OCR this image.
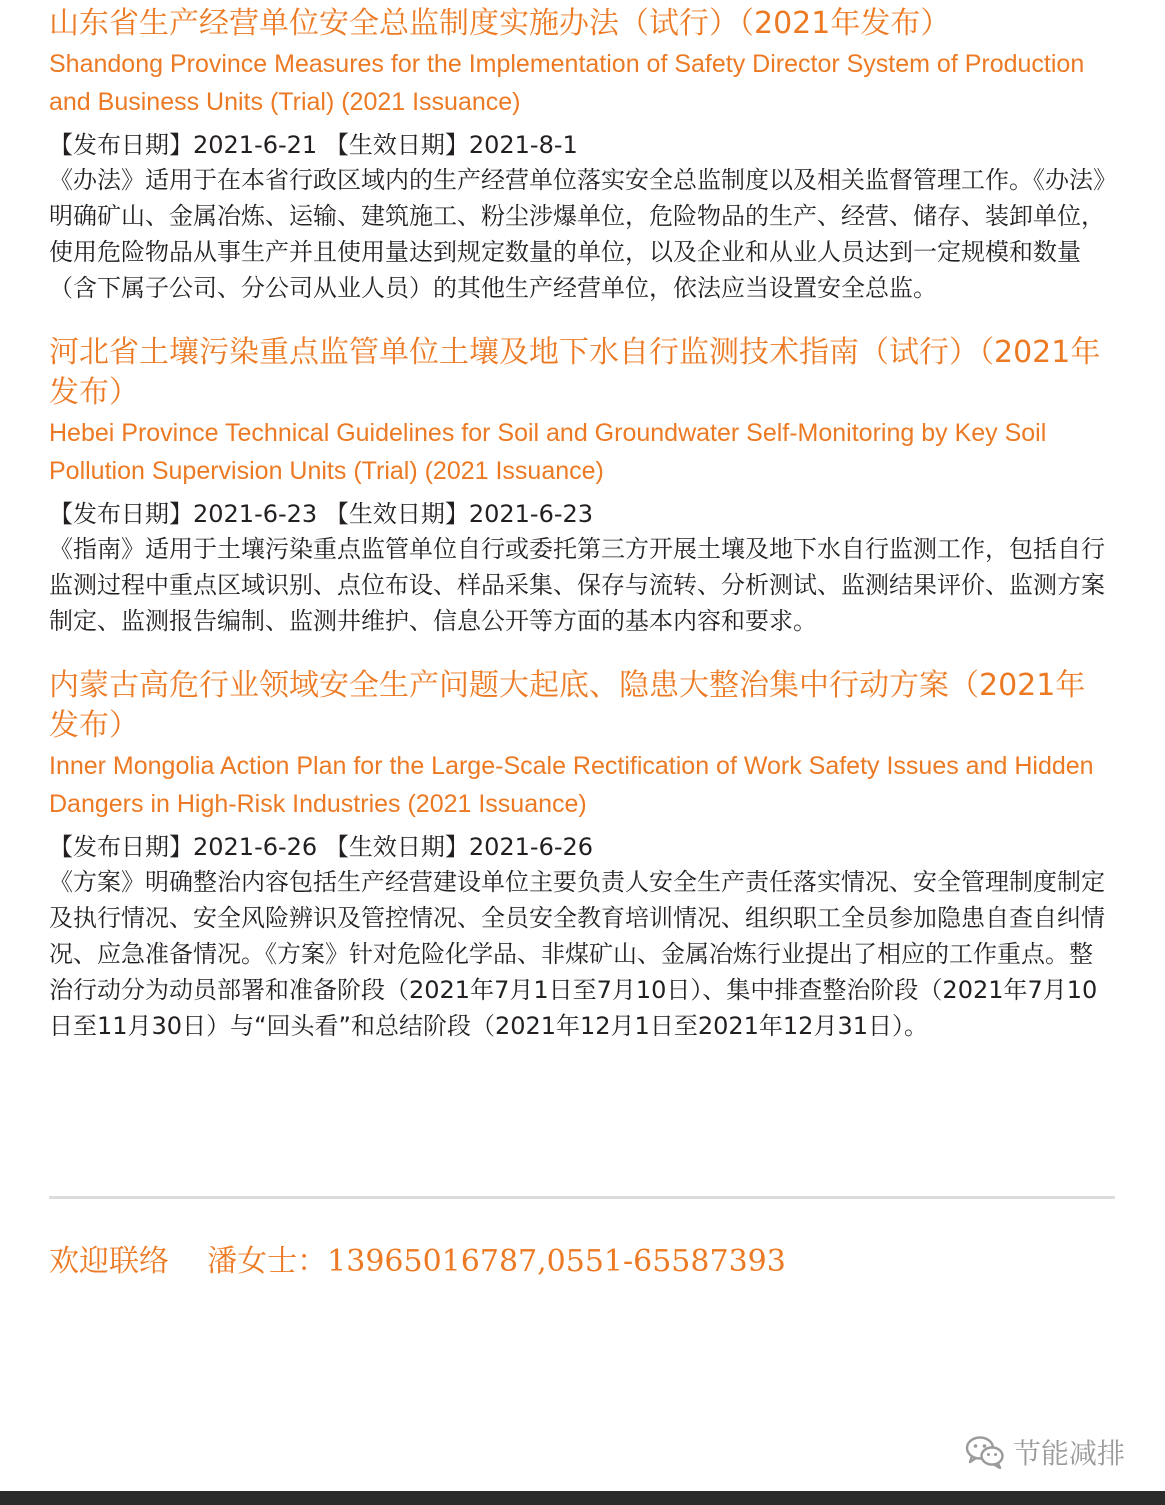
山东省生产经营单位安全总监制度实施办法（试行）（2021年发布）

Shandong Province Measures for the Implementation of Safety Director System of Production and Business Units (Trial) (2021 Issuance)

【发布日期】2021-6-21 【生效日期】2021-8-1

《办法》适用于在本省行政区域内的生产经营单位落实安全总监制度以及相关监督管理工作。《办法》明确矿山、金属冶炼、运输、建筑施工、粉尘涉爆单位，危险物品的生产、经营、储存、装卸单位，使用危险物品从事生产并且使用量达到规定数量的单位，以及企业和从业人员达到一定规模和数量（含下属子公司、分公司从业人员）的其他生产经营单位，依法应当设置安全总监。

河北省土壤污染重点监管单位土壤及地下水自行监测技术指南（试行）（2021年发布）

Hebei Province Technical Guidelines for Soil and Groundwater Self-Monitoring by Key Soil Pollution Supervision Units (Trial) (2021 Issuance)

【发布日期】2021-6-23 【生效日期】2021-6-23

《指南》适用于土壤污染重点监管单位自行或委托第三方开展土壤及地下水自行监测工作，包括自行监测过程中重点区域识别、点位布设、样品采集、保存与流转、分析测试、监测结果评价、监测方案制定、监测报告编制、监测井维护、信息公开等方面的基本内容和要求。

内蒙古高危行业领域安全生产问题大起底、隐患大整治集中行动方案（2021年发布）

Inner Mongolia Action Plan for the Large-Scale Rectification of Work Safety Issues and Hidden Dangers in High-Risk Industries (2021 Issuance)

【发布日期】2021-6-26 【生效日期】2021-6-26

《方案》明确整治内容包括生产经营建设单位主要负责人安全生产责任落实情况、安全管理制度制定及执行情况、安全风险辨识及管控情况、全员安全教育培训情况、组织职工全员参加隐患自查自纠情况、应急准备情况。《方案》针对危险化学品、非煤矿山、金属冶炼行业提出了相应的工作重点。整治行动分为动员部署和准备阶段（2021年7月1日至7月10日）、集中排查整治阶段（2021年7月10日至11月30日）与“回头看”和总结阶段（2021年12月1日至2021年12月31日）。

欢迎联络 潘女士：13965016787,0551-65587393
节能减排
